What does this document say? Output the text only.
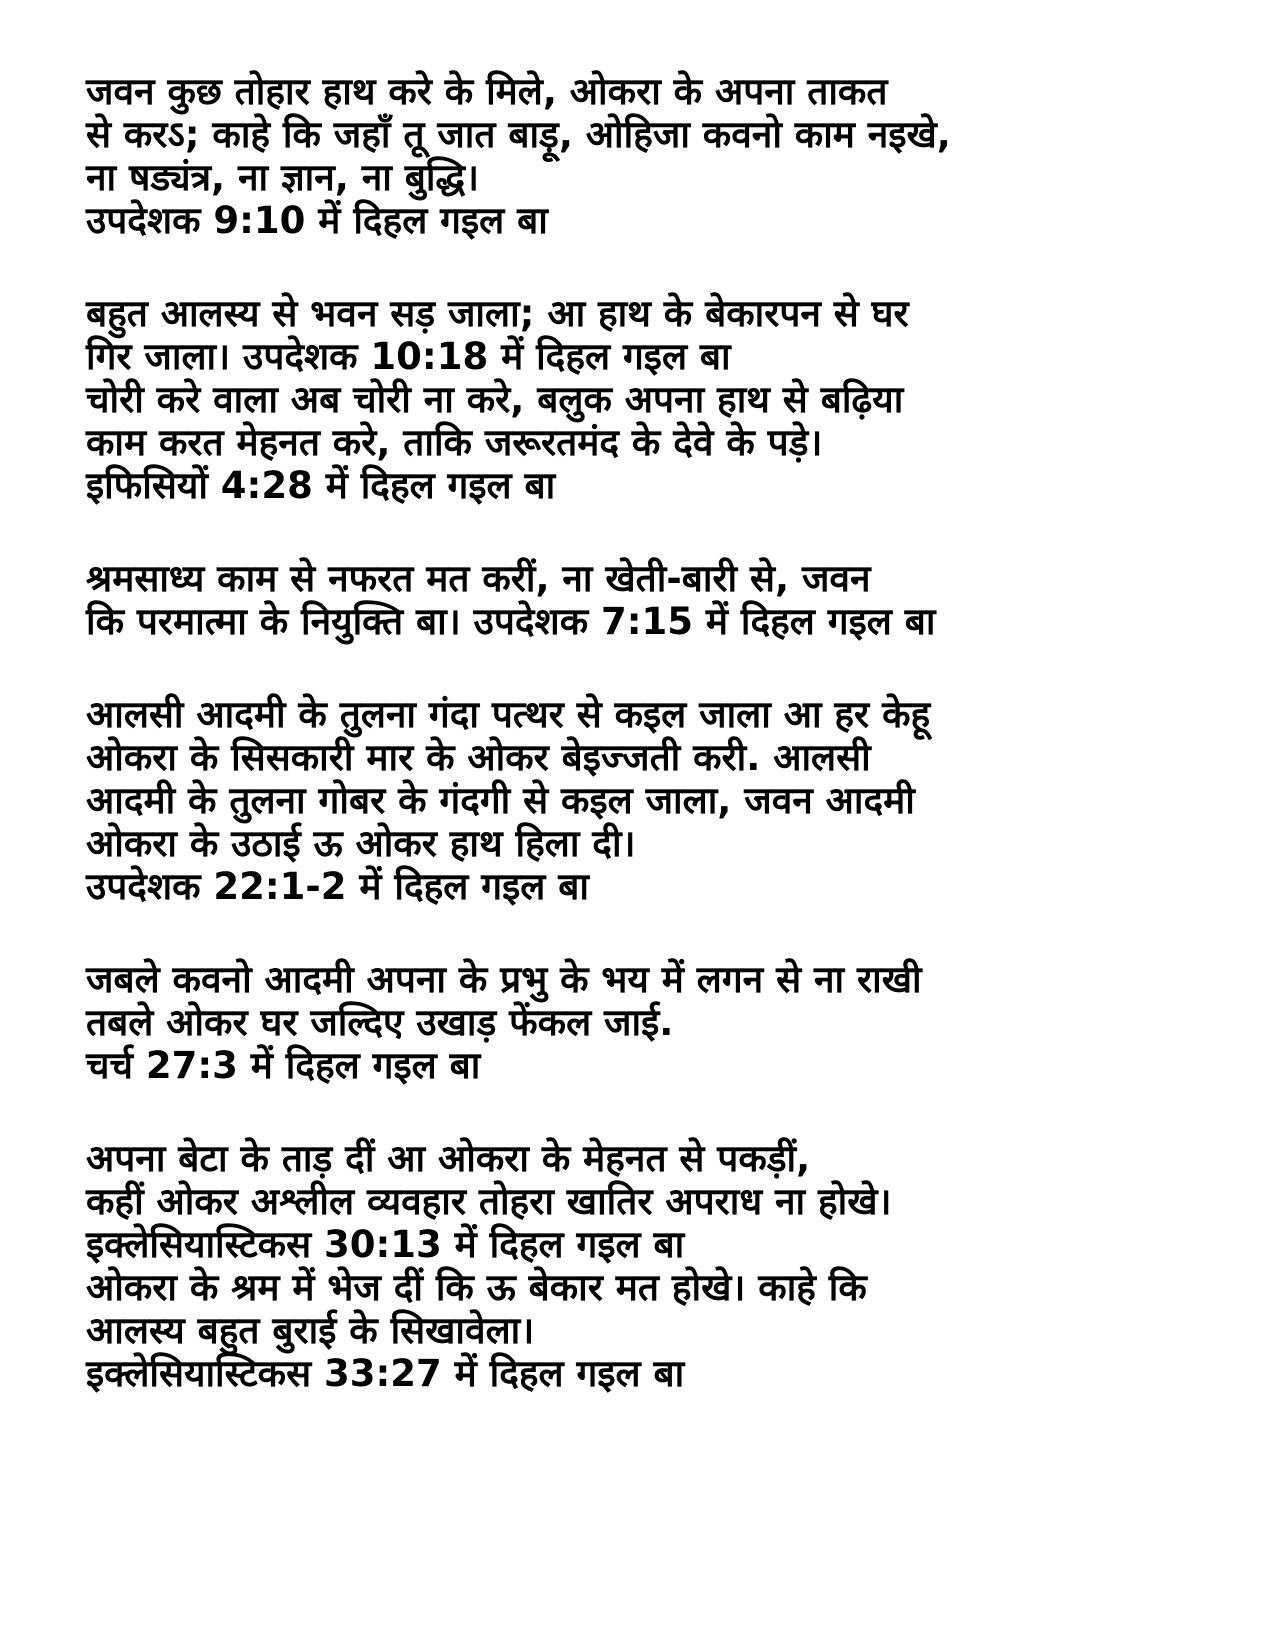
जवन कुछ तोहार हाथ करे के मिले, ओकरा के अपना ताकत
से करऽ; काहे कि जहाँ तू जात बाड़ू, ओहिजा कवनो काम नइखे,
ना षड्यंत्र, ना ज्ञान, ना बुद्धि।
उपदेशक 9:10 में दिहल गइल बा
बहुत आलस्य से भवन सड़ जाला; आ हाथ के बेकारपन से घर
गिर जाला। उपदेशक 10:18 में दिहल गइल बा
चोरी करे वाला अब चोरी ना करे, बलुक अपना हाथ से बढ़िया
काम करत मेहनत करे, ताकि जरूरतमंद के देवे के पड़े।
इफिसियों 4:28 में दिहल गइल बा
श्रमसाध्य काम से नफरत मत करीं, ना खेती-बारी से, जवन
कि परमात्मा के नियुक्ति बा। उपदेशक 7:15 में दिहल गइल बा
आलसी आदमी के तुलना गंदा पत्थर से कइल जाला आ हर केहू
ओकरा के सिसकारी मार के ओकर बेइज्जती करी. आलसी
आदमी के तुलना गोबर के गंदगी से कइल जाला, जवन आदमी
ओकरा के उठाई ऊ ओकर हाथ हिला दी।
उपदेशक 22:1-2 में दिहल गइल बा
जबले कवनो आदमी अपना के प्रभु के भय में लगन से ना राखी
तबले ओकर घर जल्दिए उखाड़ फेंकल जाई.
चर्च 27:3 में दिहल गइल बा
अपना बेटा के ताड़ दीं आ ओकरा के मेहनत से पकड़ीं,
कहीं ओकर अश्लील व्यवहार तोहरा खातिर अपराध ना होखे।
इक्लेसियास्टिकस 30:13 में दिहल गइल बा
ओकरा के श्रम में भेज दीं कि ऊ बेकार मत होखे। काहे कि
आलस्य बहुत बुराई के सिखावेला।
इक्लेसियास्टिकस 33:27 में दिहल गइल बा
